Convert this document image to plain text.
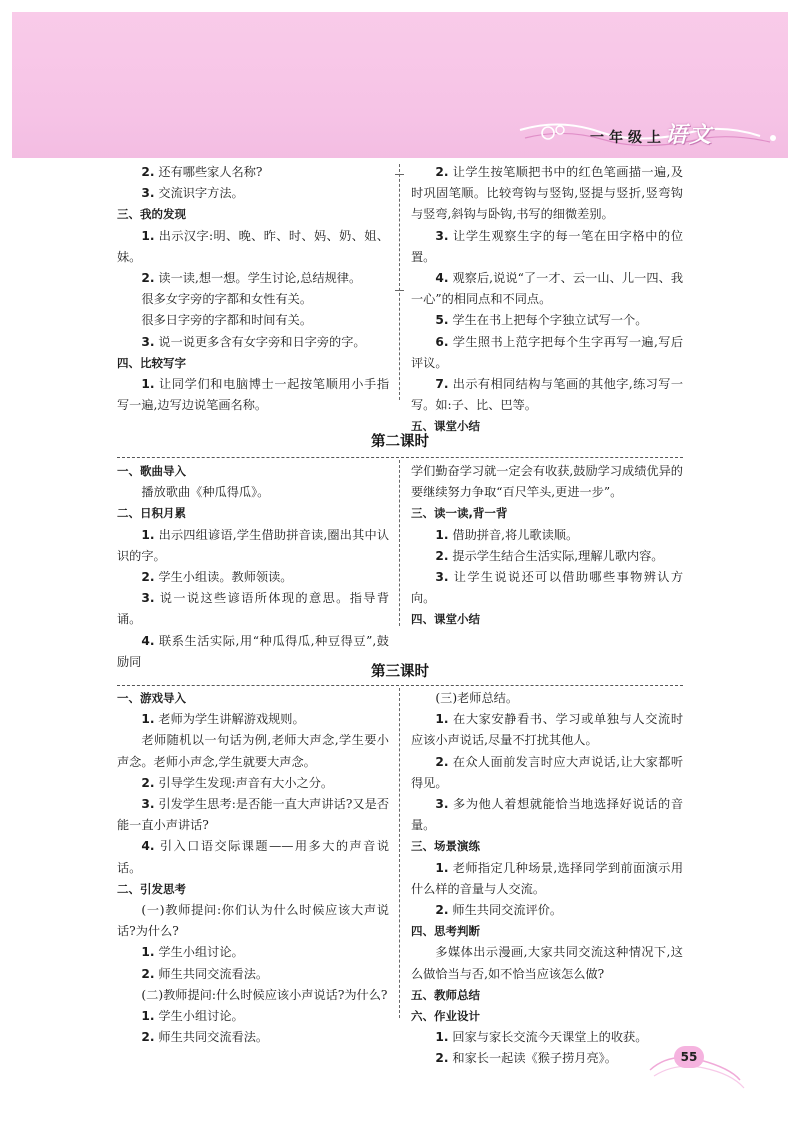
一年级上 语文

2. 还有哪些家人名称?

3. 交流识字方法。

三、我的发现

1. 出示汉字:明、晚、昨、时、妈、奶、姐、妹。

2. 读一读,想一想。学生讨论,总结规律。

很多女字旁的字都和女性有关。

很多日字旁的字都和时间有关。

3. 说一说更多含有女字旁和日字旁的字。

四、比较写字

1. 让同学们和电脑博士一起按笔顺用小手指写一遍,边写边说笔画名称。

2. 让学生按笔顺把书中的红色笔画描一遍,及时巩固笔顺。比较弯钩与竖钩,竖提与竖折,竖弯钩与竖弯,斜钩与卧钩,书写的细微差别。

3. 让学生观察生字的每一笔在田字格中的位置。

4. 观察后,说说“了一才、云一山、儿一四、我一心”的相同点和不同点。

5. 学生在书上把每个字独立试写一个。

6. 学生照书上范字把每个生字再写一遍,写后评议。

7. 出示有相同结构与笔画的其他字,练习写一写。如:子、比、巴等。

五、课堂小结

第二课时

一、歌曲导入

播放歌曲《种瓜得瓜》。

二、日积月累

1. 出示四组谚语,学生借助拼音读,圈出其中认识的字。

2. 学生小组读。教师领读。

3. 说一说这些谚语所体现的意思。指导背诵。

4. 联系生活实际,用“种瓜得瓜,种豆得豆”,鼓励同

学们勤奋学习就一定会有收获,鼓励学习成绩优异的要继续努力争取“百尺竿头,更进一步”。

三、读一读,背一背

1. 借助拼音,将儿歌读顺。

2. 提示学生结合生活实际,理解儿歌内容。

3. 让学生说说还可以借助哪些事物辨认方向。

四、课堂小结

第三课时

一、游戏导入

1. 老师为学生讲解游戏规则。

老师随机以一句话为例,老师大声念,学生要小声念。老师小声念,学生就要大声念。

2. 引导学生发现:声音有大小之分。

3. 引发学生思考:是否能一直大声讲话?又是否能一直小声讲话?

4. 引入口语交际课题——用多大的声音说话。

二、引发思考

(一)教师提问:你们认为什么时候应该大声说话?为什么?

1. 学生小组讨论。

2. 师生共同交流看法。

(二)教师提问:什么时候应该小声说话?为什么?

1. 学生小组讨论。

2. 师生共同交流看法。

(三)老师总结。

1. 在大家安静看书、学习或单独与人交流时应该小声说话,尽量不打扰其他人。

2. 在众人面前发言时应大声说话,让大家都听得见。

3. 多为他人着想就能恰当地选择好说话的音量。

三、场景演练

1. 老师指定几种场景,选择同学到前面演示用什么样的音量与人交流。

2. 师生共同交流评价。

四、思考判断

多媒体出示漫画,大家共同交流这种情况下,这么做恰当与否,如不恰当应该怎么做?

五、教师总结

六、作业设计

1. 回家与家长交流今天课堂上的收获。

2. 和家长一起读《猴子捞月亮》。	55
